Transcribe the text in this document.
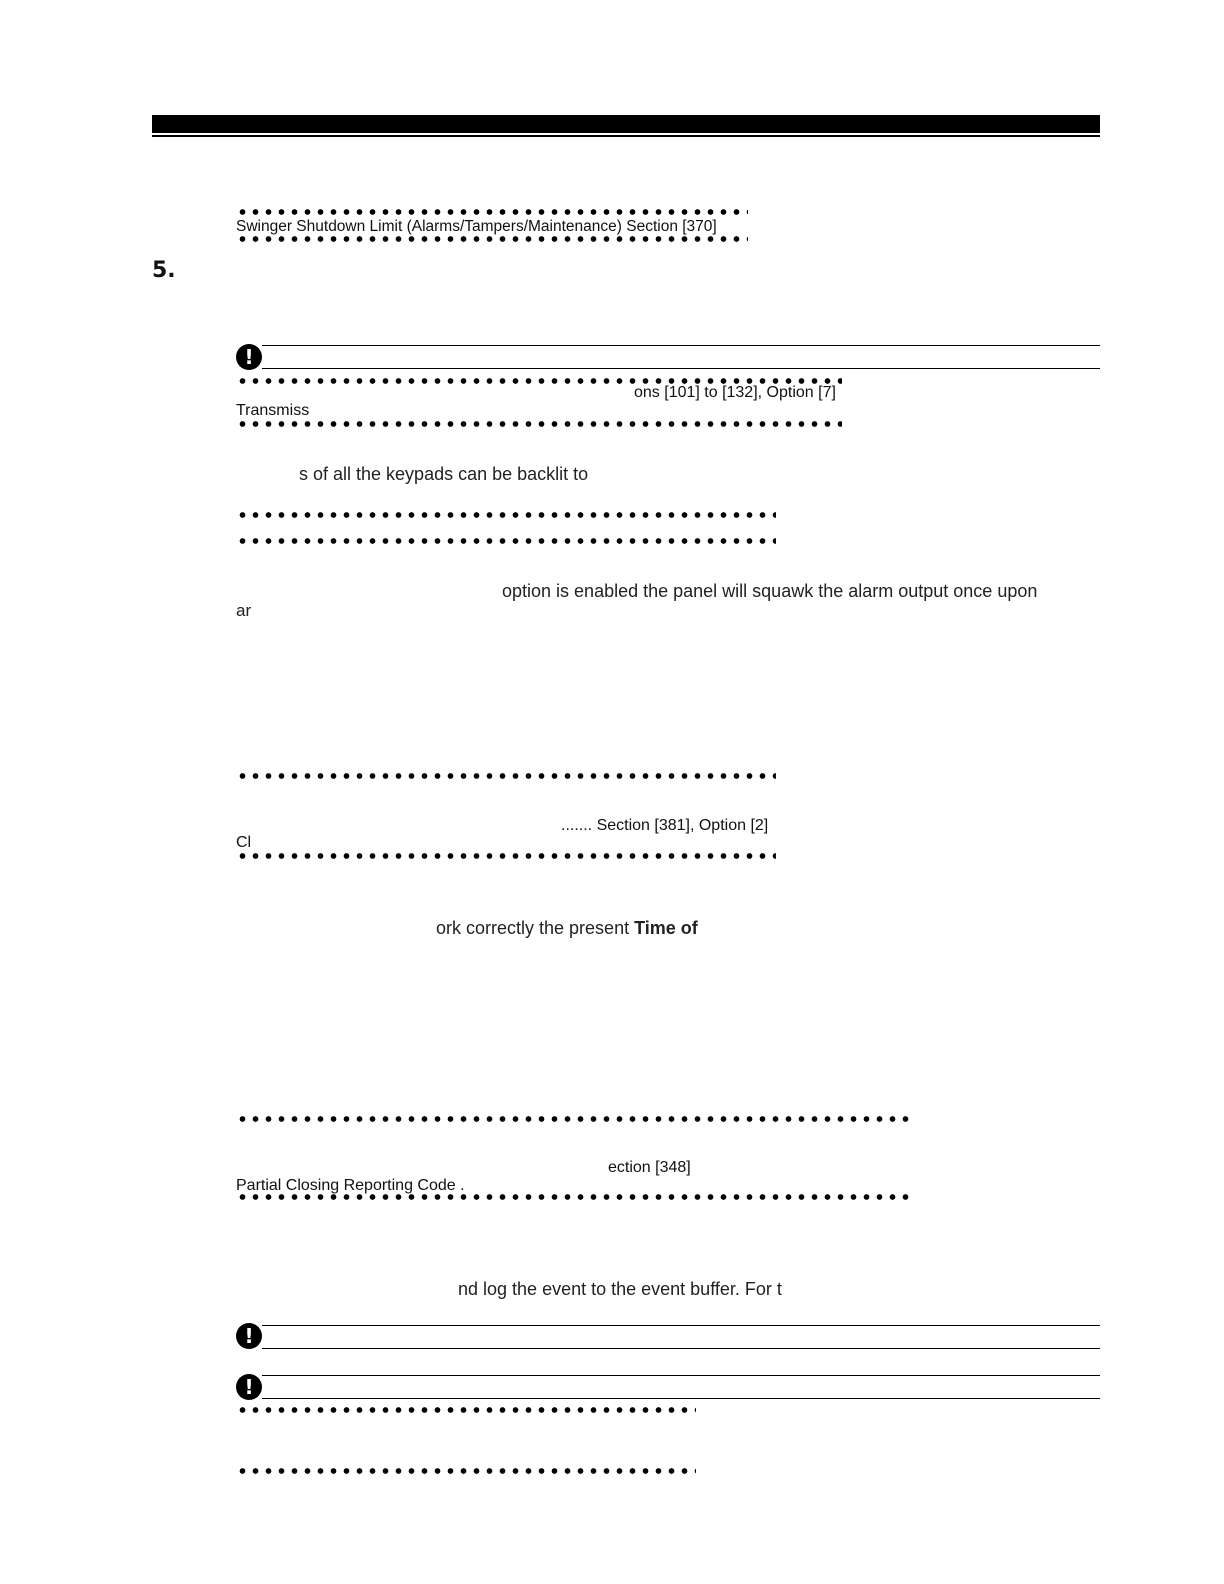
Swinger Shutdown Limit (Alarms/Tampers/Maintenance) Section [370]
5.
!
ons [101] to [132], Option [7]
Transmiss
s of all the keypads can be backlit to
option is enabled the panel will squawk the alarm output once upon
ar
....... Section [381], Option [2]
Cl
ork correctly the present Time of
ection [348]
Partial Closing Reporting Code .
nd log the event to the event buffer. For t
!
!
